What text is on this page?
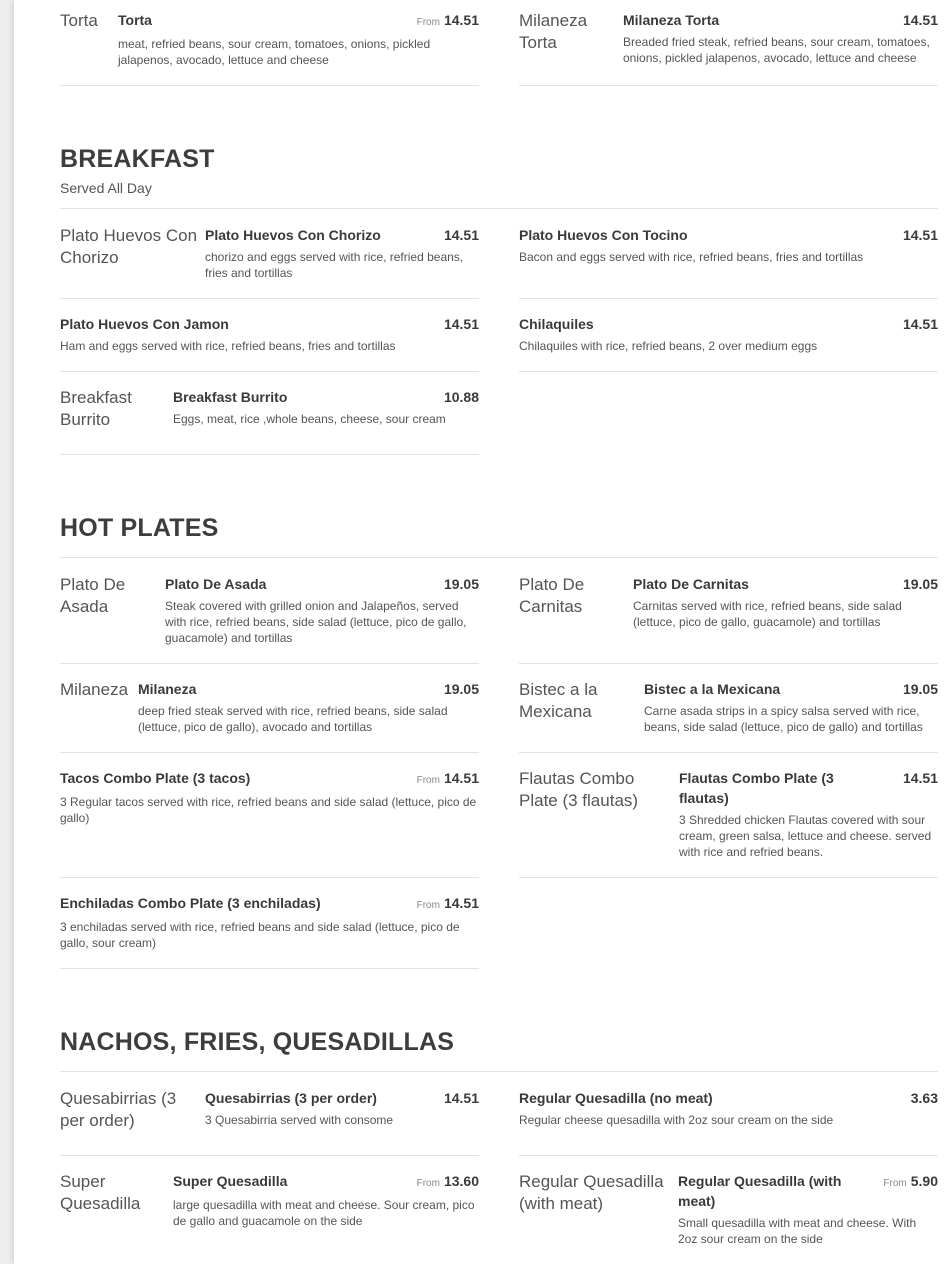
Torta	Torta	From 14.51
meat, refried beans, sour cream, tomatoes, onions, pickled jalapenos, avocado, lettuce and cheese
Milaneza Torta
Milaneza Torta	14.51
Breaded fried steak, refried beans, sour cream, tomatoes, onions, pickled jalapenos, avocado, lettuce and cheese
BREAKFAST
Served All Day
Plato Huevos Con Chorizo
Plato Huevos Con Chorizo	14.51
chorizo and eggs served with rice, refried beans, fries and tortillas
Plato Huevos Con Tocino	14.51
Bacon and eggs served with rice, refried beans, fries and tortillas
Plato Huevos Con Jamon	14.51
Ham and eggs served with rice, refried beans, fries and tortillas
Chilaquiles	14.51
Chilaquiles with rice, refried beans, 2 over medium eggs
Breakfast Burrito
Breakfast Burrito	10.88
Eggs, meat, rice ,whole beans, cheese, sour cream
HOT PLATES
Plato De Asada
Plato De Asada	19.05
Steak covered with grilled onion and Jalapeños, served with rice, refried beans, side salad (lettuce, pico de gallo, guacamole) and tortillas
Plato De Carnitas
Plato De Carnitas	19.05
Carnitas served with rice, refried beans, side salad (lettuce, pico de gallo, guacamole) and tortillas
Milaneza Milaneza	19.05
deep fried steak served with rice, refried beans, side salad (lettuce, pico de gallo), avocado and tortillas
Bistec a la Mexicana
Bistec a la Mexicana	19.05
Carne asada strips in a spicy salsa served with rice, beans, side salad (lettuce, pico de gallo) and tortillas
Tacos Combo Plate (3 tacos)	From 14.51
3 Regular tacos served with rice, refried beans and side salad (lettuce, pico de gallo)
Flautas Combo Plate (3 flautas)
Flautas Combo Plate (3 flautas)
14.51
3 Shredded chicken Flautas covered with sour cream, green salsa, lettuce and cheese. served with rice and refried beans.
Enchiladas Combo Plate (3 enchiladas)	From 14.51
3 enchiladas served with rice, refried beans and side salad (lettuce, pico de gallo, sour cream)
NACHOS, FRIES, QUESADILLAS
Quesabirrias (3 per order)
Quesabirrias (3 per order)	14.51
3 Quesabirria served with consome
Regular Quesadilla (no meat)	3.63
Regular cheese quesadilla with 2oz sour cream on the side
Super Quesadilla
Super Quesadilla	From 13.60
large quesadilla with meat and cheese. Sour cream, pico de gallo and guacamole on the side
Regular Quesadilla (with meat)
Regular Quesadilla (with meat)
From 5.90
Small quesadilla with meat and cheese. With 2oz sour cream on the side
